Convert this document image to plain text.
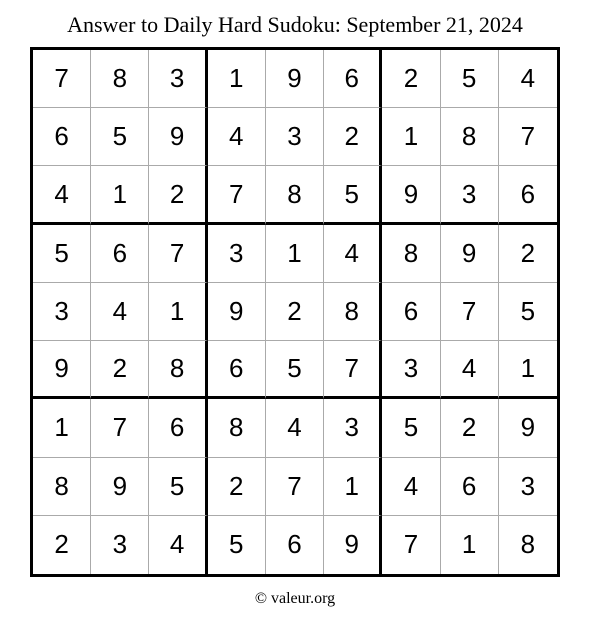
Answer to Daily Hard Sudoku: September 21, 2024
7	8	3	1	9	6	2	5	4
6	5	9	4	3	2	1	8	7
4	1	2	7	8	5	9	3	6
5	6	7	3	1	4	8	9	2
3	4	1	9	2	8	6	7	5
9	2	8	6	5	7	3	4	1
1	7	6	8	4	3	5	2	9
8	9	5	2	7	1	4	6	3
2	3	4	5	6	9	7	1	8
© valeur.org
